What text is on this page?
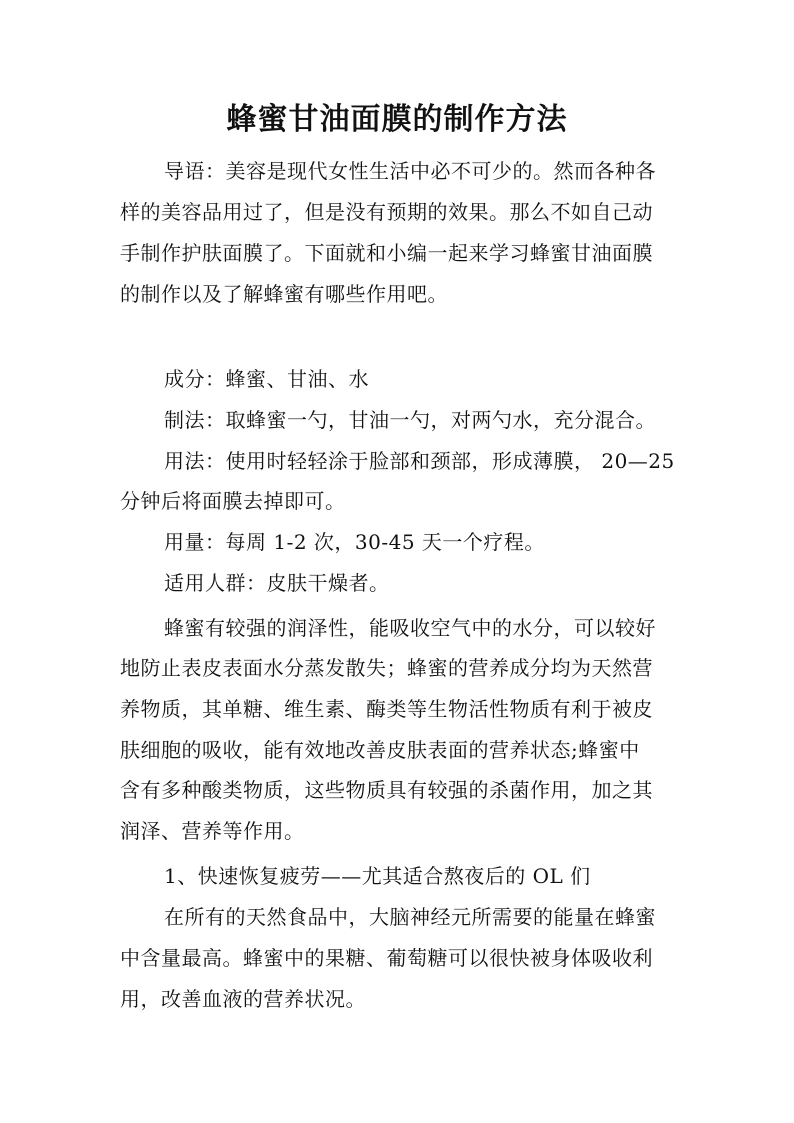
蜂蜜甘油面膜的制作方法

导语：美容是现代女性生活中必不可少的。然而各种各

样的美容品用过了，但是没有预期的效果。那么不如自己动

手制作护肤面膜了。下面就和小编一起来学习蜂蜜甘油面膜

的制作以及了解蜂蜜有哪些作用吧。

成分：蜂蜜、甘油、水

制法：取蜂蜜一勺，甘油一勺，对两勺水，充分混合。

用法：使用时轻轻涂于脸部和颈部，形成薄膜， 20—25

分钟后将面膜去掉即可。

用量：每周 1-2 次，30-45 天一个疗程。

适用人群：皮肤干燥者。

蜂蜜有较强的润泽性，能吸收空气中的水分，可以较好

地防止表皮表面水分蒸发散失；蜂蜜的营养成分均为天然营

养物质，其单糖、维生素、酶类等生物活性物质有利于被皮

肤细胞的吸收，能有效地改善皮肤表面的营养状态;蜂蜜中

含有多种酸类物质，这些物质具有较强的杀菌作用，加之其

润泽、营养等作用。

1、快速恢复疲劳——尤其适合熬夜后的 OL 们

在所有的天然食品中，大脑神经元所需要的能量在蜂蜜

中含量最高。蜂蜜中的果糖、葡萄糖可以很快被身体吸收利

用，改善血液的营养状况。
